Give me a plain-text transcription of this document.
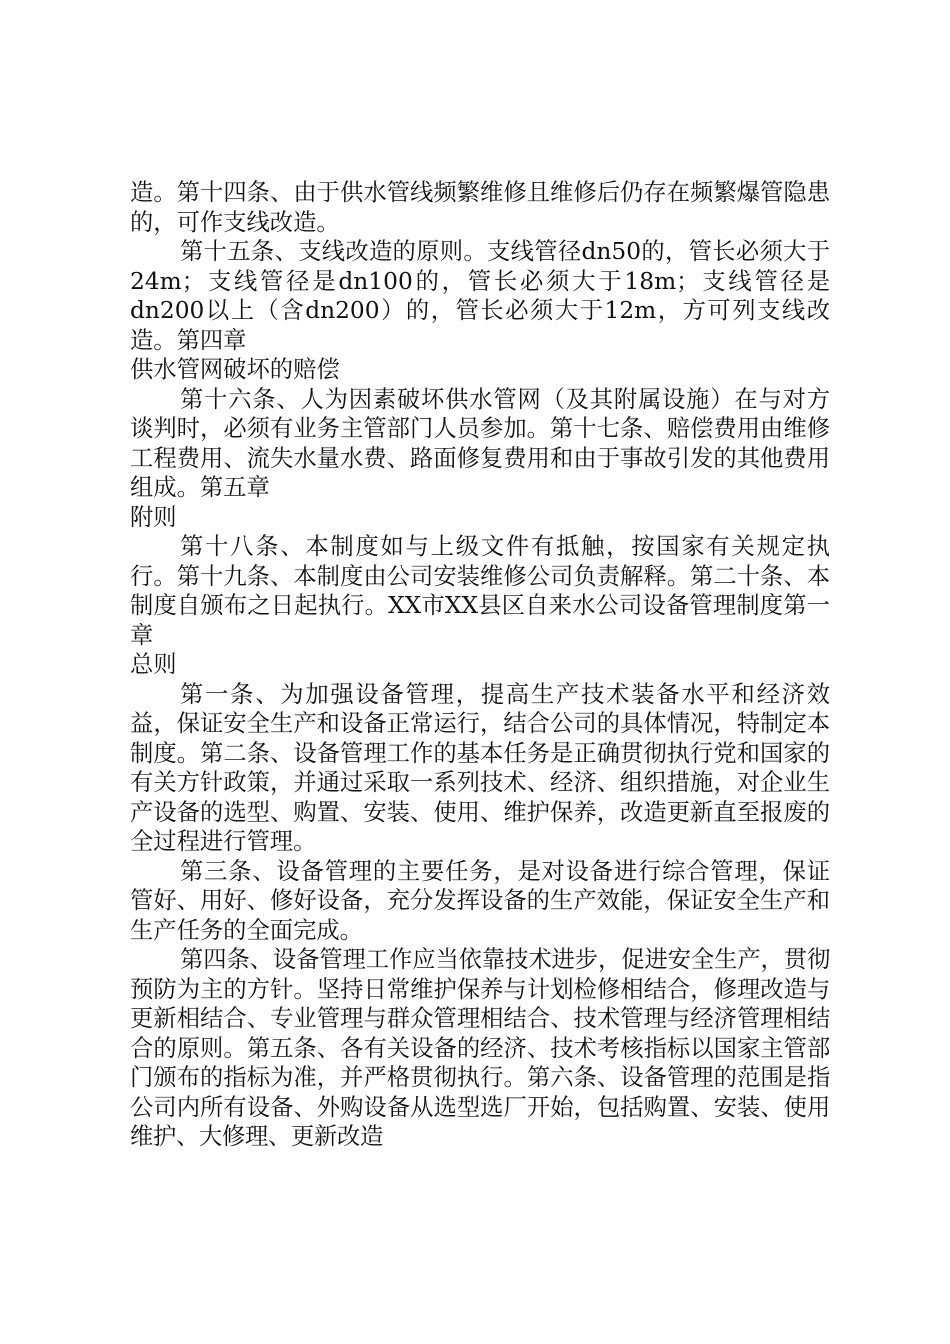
造。第十四条、由于供水管线频繁维修且维修后仍存在频繁爆管隐患的，可作支线改造。

第十五条、支线改造的原则。支线管径dn50的，管长必须大于24m；支线管径是dn100的，管长必须大于18m；支线管径是dn200以上（含dn200）的，管长必须大于12m，方可列支线改造。第四章

供水管网破坏的赔偿

第十六条、人为因素破坏供水管网（及其附属设施）在与对方谈判时，必须有业务主管部门人员参加。第十七条、赔偿费用由维修工程费用、流失水量水费、路面修复费用和由于事故引发的其他费用组成。第五章

附则

第十八条、本制度如与上级文件有抵触，按国家有关规定执行。第十九条、本制度由公司安装维修公司负责解释。第二十条、本制度自颁布之日起执行。XX市XX县区自来水公司设备管理制度第一章

总则

第一条、为加强设备管理，提高生产技术装备水平和经济效益，保证安全生产和设备正常运行，结合公司的具体情况，特制定本制度。第二条、设备管理工作的基本任务是正确贯彻执行党和国家的有关方针政策，并通过采取一系列技术、经济、组织措施，对企业生产设备的选型、购置、安装、使用、维护保养，改造更新直至报废的全过程进行管理。

第三条、设备管理的主要任务，是对设备进行综合管理，保证管好、用好、修好设备，充分发挥设备的生产效能，保证安全生产和生产任务的全面完成。

第四条、设备管理工作应当依靠技术进步，促进安全生产，贯彻预防为主的方针。坚持日常维护保养与计划检修相结合，修理改造与更新相结合、专业管理与群众管理相结合、技术管理与经济管理相结合的原则。第五条、各有关设备的经济、技术考核指标以国家主管部门颁布的指标为准，并严格贯彻执行。第六条、设备管理的范围是指公司内所有设备、外购设备从选型选厂开始，包括购置、安装、使用维护、大修理、更新改造
